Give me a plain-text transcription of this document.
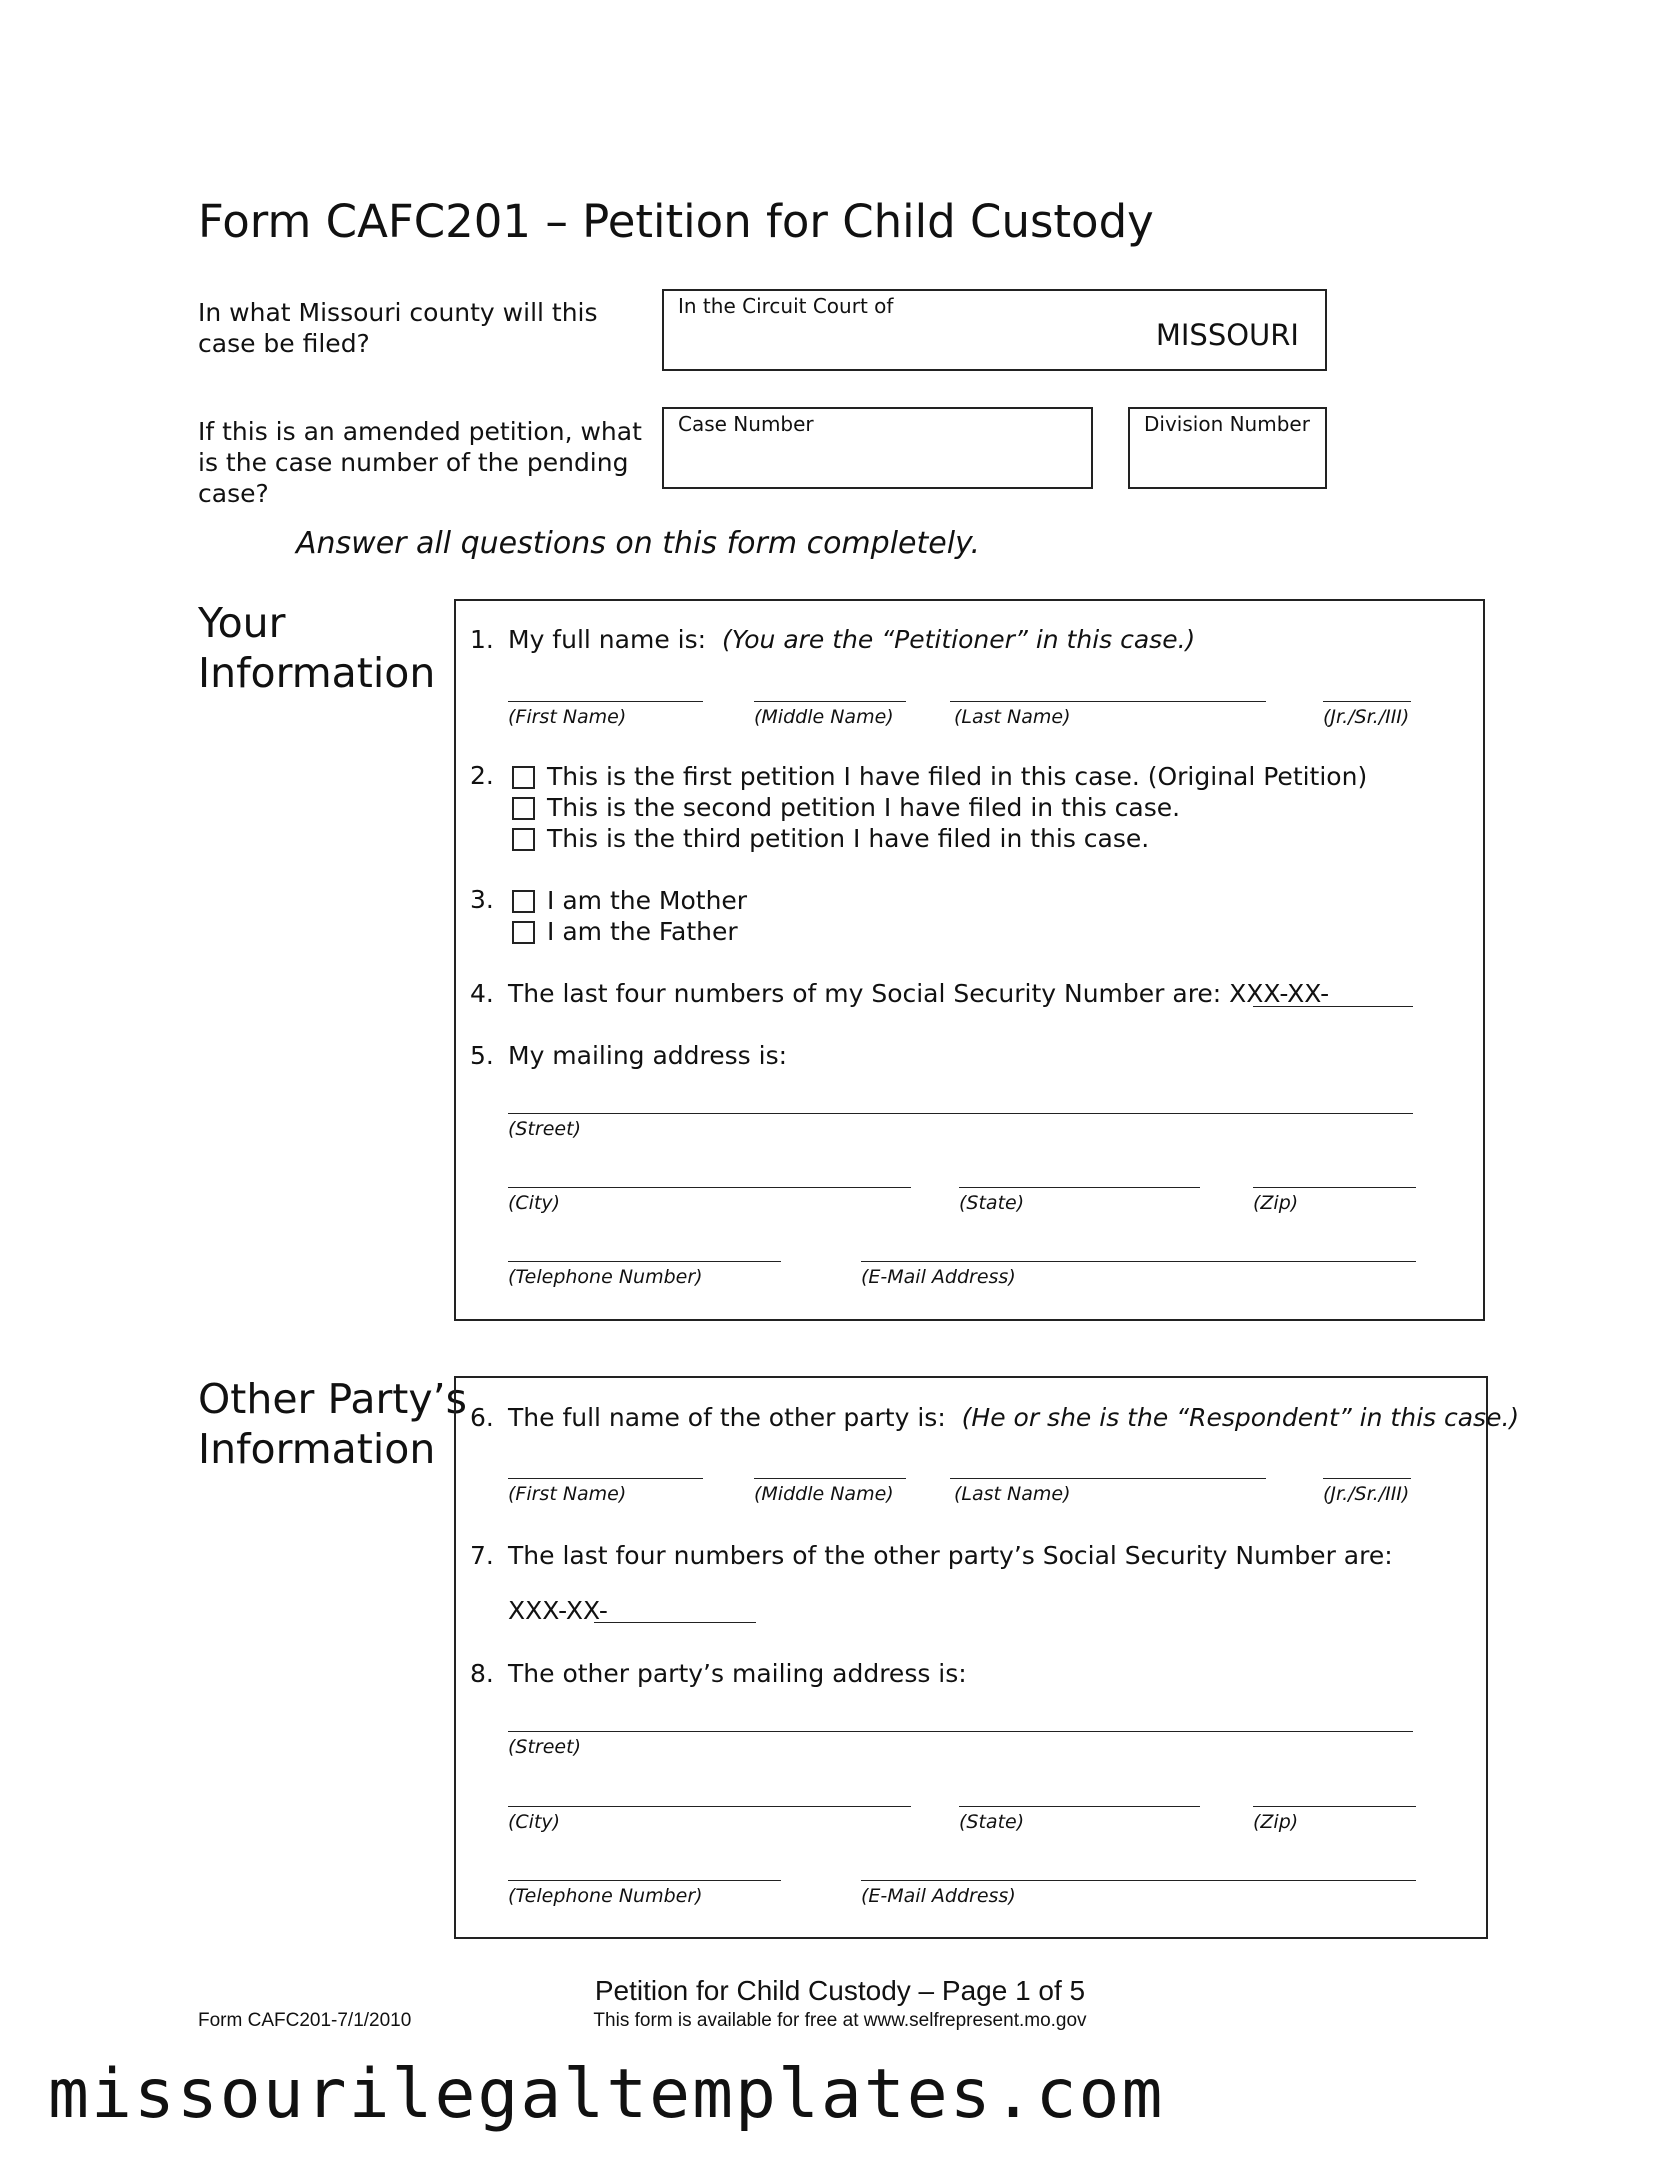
Form CAFC201 – Petition for Child Custody
In what Missouri county will this case be filed?
In the Circuit Court of
MISSOURI
If this is an amended petition, what is the case number of the pending case?
Case Number	Division Number
Answer all questions on this form completely.
Your
Information
1. My full name is: (You are the “Petitioner” in this case.)
(First Name)	(Middle Name)	(Last Name)	(Jr./Sr./III)
2. This is the first petition I have filed in this case. (Original Petition)
This is the second petition I have filed in this case.
This is the third petition I have filed in this case.
3. I am the Mother
I am the Father
4. The last four numbers of my Social Security Number are: XXX-XX-
5. My mailing address is:
(Street)
(City)	(State)	(Zip)
(Telephone Number)	(E-Mail Address)
Other Party’s
Information
6. The full name of the other party is: (He or she is the “Respondent” in this case.)
(First Name)	(Middle Name)	(Last Name)	(Jr./Sr./III)
7. The last four numbers of the other party’s Social Security Number are:
XXX-XX-
8. The other party’s mailing address is:
(Street)
(City)	(State)	(Zip)
(Telephone Number)	(E-Mail Address)
Petition for Child Custody – Page 1 of 5
This form is available for free at www.selfrepresent.mo.gov
Form CAFC201-7/1/2010
missourilegaltemplates.com
